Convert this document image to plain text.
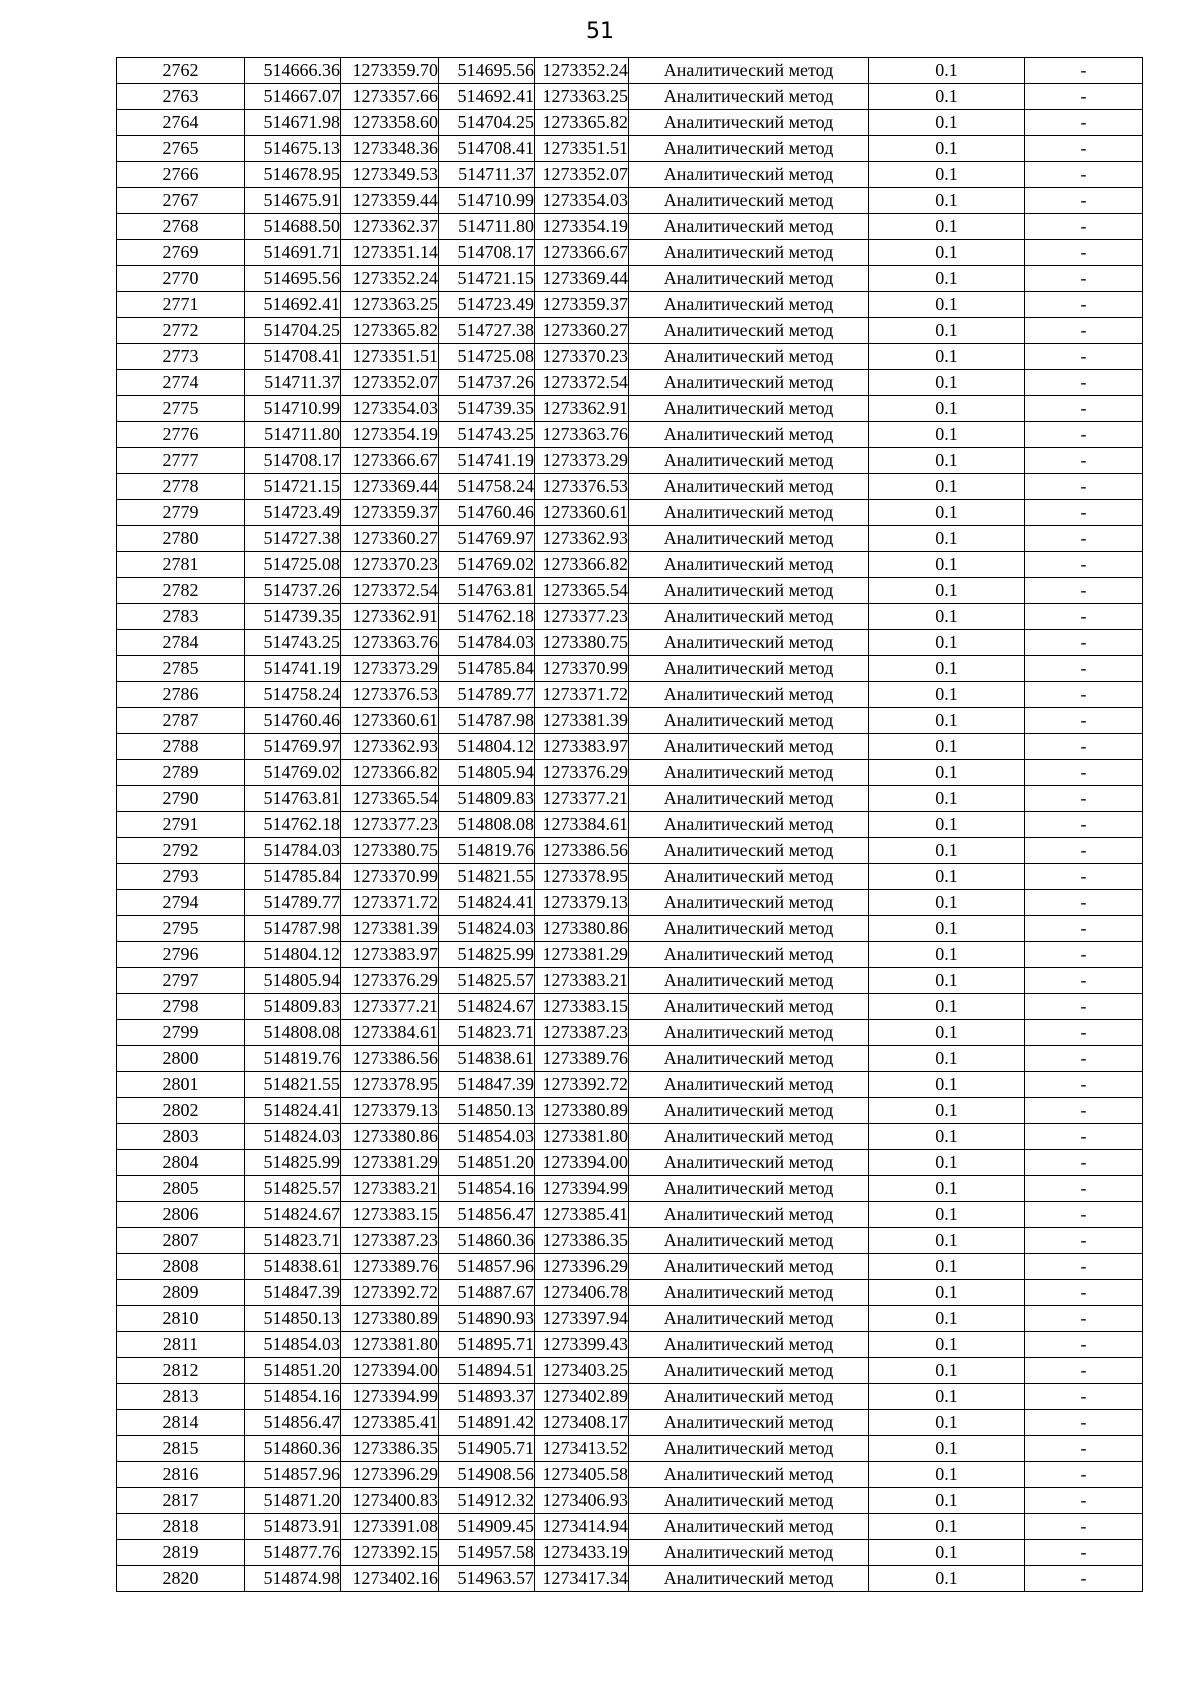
51
2762	514666.36	1273359.70	514695.56	1273352.24	Аналитический метод	0.1	-
2763	514667.07	1273357.66	514692.41	1273363.25	Аналитический метод	0.1	-
2764	514671.98	1273358.60	514704.25	1273365.82	Аналитический метод	0.1	-
2765	514675.13	1273348.36	514708.41	1273351.51	Аналитический метод	0.1	-
2766	514678.95	1273349.53	514711.37	1273352.07	Аналитический метод	0.1	-
2767	514675.91	1273359.44	514710.99	1273354.03	Аналитический метод	0.1	-
2768	514688.50	1273362.37	514711.80	1273354.19	Аналитический метод	0.1	-
2769	514691.71	1273351.14	514708.17	1273366.67	Аналитический метод	0.1	-
2770	514695.56	1273352.24	514721.15	1273369.44	Аналитический метод	0.1	-
2771	514692.41	1273363.25	514723.49	1273359.37	Аналитический метод	0.1	-
2772	514704.25	1273365.82	514727.38	1273360.27	Аналитический метод	0.1	-
2773	514708.41	1273351.51	514725.08	1273370.23	Аналитический метод	0.1	-
2774	514711.37	1273352.07	514737.26	1273372.54	Аналитический метод	0.1	-
2775	514710.99	1273354.03	514739.35	1273362.91	Аналитический метод	0.1	-
2776	514711.80	1273354.19	514743.25	1273363.76	Аналитический метод	0.1	-
2777	514708.17	1273366.67	514741.19	1273373.29	Аналитический метод	0.1	-
2778	514721.15	1273369.44	514758.24	1273376.53	Аналитический метод	0.1	-
2779	514723.49	1273359.37	514760.46	1273360.61	Аналитический метод	0.1	-
2780	514727.38	1273360.27	514769.97	1273362.93	Аналитический метод	0.1	-
2781	514725.08	1273370.23	514769.02	1273366.82	Аналитический метод	0.1	-
2782	514737.26	1273372.54	514763.81	1273365.54	Аналитический метод	0.1	-
2783	514739.35	1273362.91	514762.18	1273377.23	Аналитический метод	0.1	-
2784	514743.25	1273363.76	514784.03	1273380.75	Аналитический метод	0.1	-
2785	514741.19	1273373.29	514785.84	1273370.99	Аналитический метод	0.1	-
2786	514758.24	1273376.53	514789.77	1273371.72	Аналитический метод	0.1	-
2787	514760.46	1273360.61	514787.98	1273381.39	Аналитический метод	0.1	-
2788	514769.97	1273362.93	514804.12	1273383.97	Аналитический метод	0.1	-
2789	514769.02	1273366.82	514805.94	1273376.29	Аналитический метод	0.1	-
2790	514763.81	1273365.54	514809.83	1273377.21	Аналитический метод	0.1	-
2791	514762.18	1273377.23	514808.08	1273384.61	Аналитический метод	0.1	-
2792	514784.03	1273380.75	514819.76	1273386.56	Аналитический метод	0.1	-
2793	514785.84	1273370.99	514821.55	1273378.95	Аналитический метод	0.1	-
2794	514789.77	1273371.72	514824.41	1273379.13	Аналитический метод	0.1	-
2795	514787.98	1273381.39	514824.03	1273380.86	Аналитический метод	0.1	-
2796	514804.12	1273383.97	514825.99	1273381.29	Аналитический метод	0.1	-
2797	514805.94	1273376.29	514825.57	1273383.21	Аналитический метод	0.1	-
2798	514809.83	1273377.21	514824.67	1273383.15	Аналитический метод	0.1	-
2799	514808.08	1273384.61	514823.71	1273387.23	Аналитический метод	0.1	-
2800	514819.76	1273386.56	514838.61	1273389.76	Аналитический метод	0.1	-
2801	514821.55	1273378.95	514847.39	1273392.72	Аналитический метод	0.1	-
2802	514824.41	1273379.13	514850.13	1273380.89	Аналитический метод	0.1	-
2803	514824.03	1273380.86	514854.03	1273381.80	Аналитический метод	0.1	-
2804	514825.99	1273381.29	514851.20	1273394.00	Аналитический метод	0.1	-
2805	514825.57	1273383.21	514854.16	1273394.99	Аналитический метод	0.1	-
2806	514824.67	1273383.15	514856.47	1273385.41	Аналитический метод	0.1	-
2807	514823.71	1273387.23	514860.36	1273386.35	Аналитический метод	0.1	-
2808	514838.61	1273389.76	514857.96	1273396.29	Аналитический метод	0.1	-
2809	514847.39	1273392.72	514887.67	1273406.78	Аналитический метод	0.1	-
2810	514850.13	1273380.89	514890.93	1273397.94	Аналитический метод	0.1	-
2811	514854.03	1273381.80	514895.71	1273399.43	Аналитический метод	0.1	-
2812	514851.20	1273394.00	514894.51	1273403.25	Аналитический метод	0.1	-
2813	514854.16	1273394.99	514893.37	1273402.89	Аналитический метод	0.1	-
2814	514856.47	1273385.41	514891.42	1273408.17	Аналитический метод	0.1	-
2815	514860.36	1273386.35	514905.71	1273413.52	Аналитический метод	0.1	-
2816	514857.96	1273396.29	514908.56	1273405.58	Аналитический метод	0.1	-
2817	514871.20	1273400.83	514912.32	1273406.93	Аналитический метод	0.1	-
2818	514873.91	1273391.08	514909.45	1273414.94	Аналитический метод	0.1	-
2819	514877.76	1273392.15	514957.58	1273433.19	Аналитический метод	0.1	-
2820	514874.98	1273402.16	514963.57	1273417.34	Аналитический метод	0.1	-
